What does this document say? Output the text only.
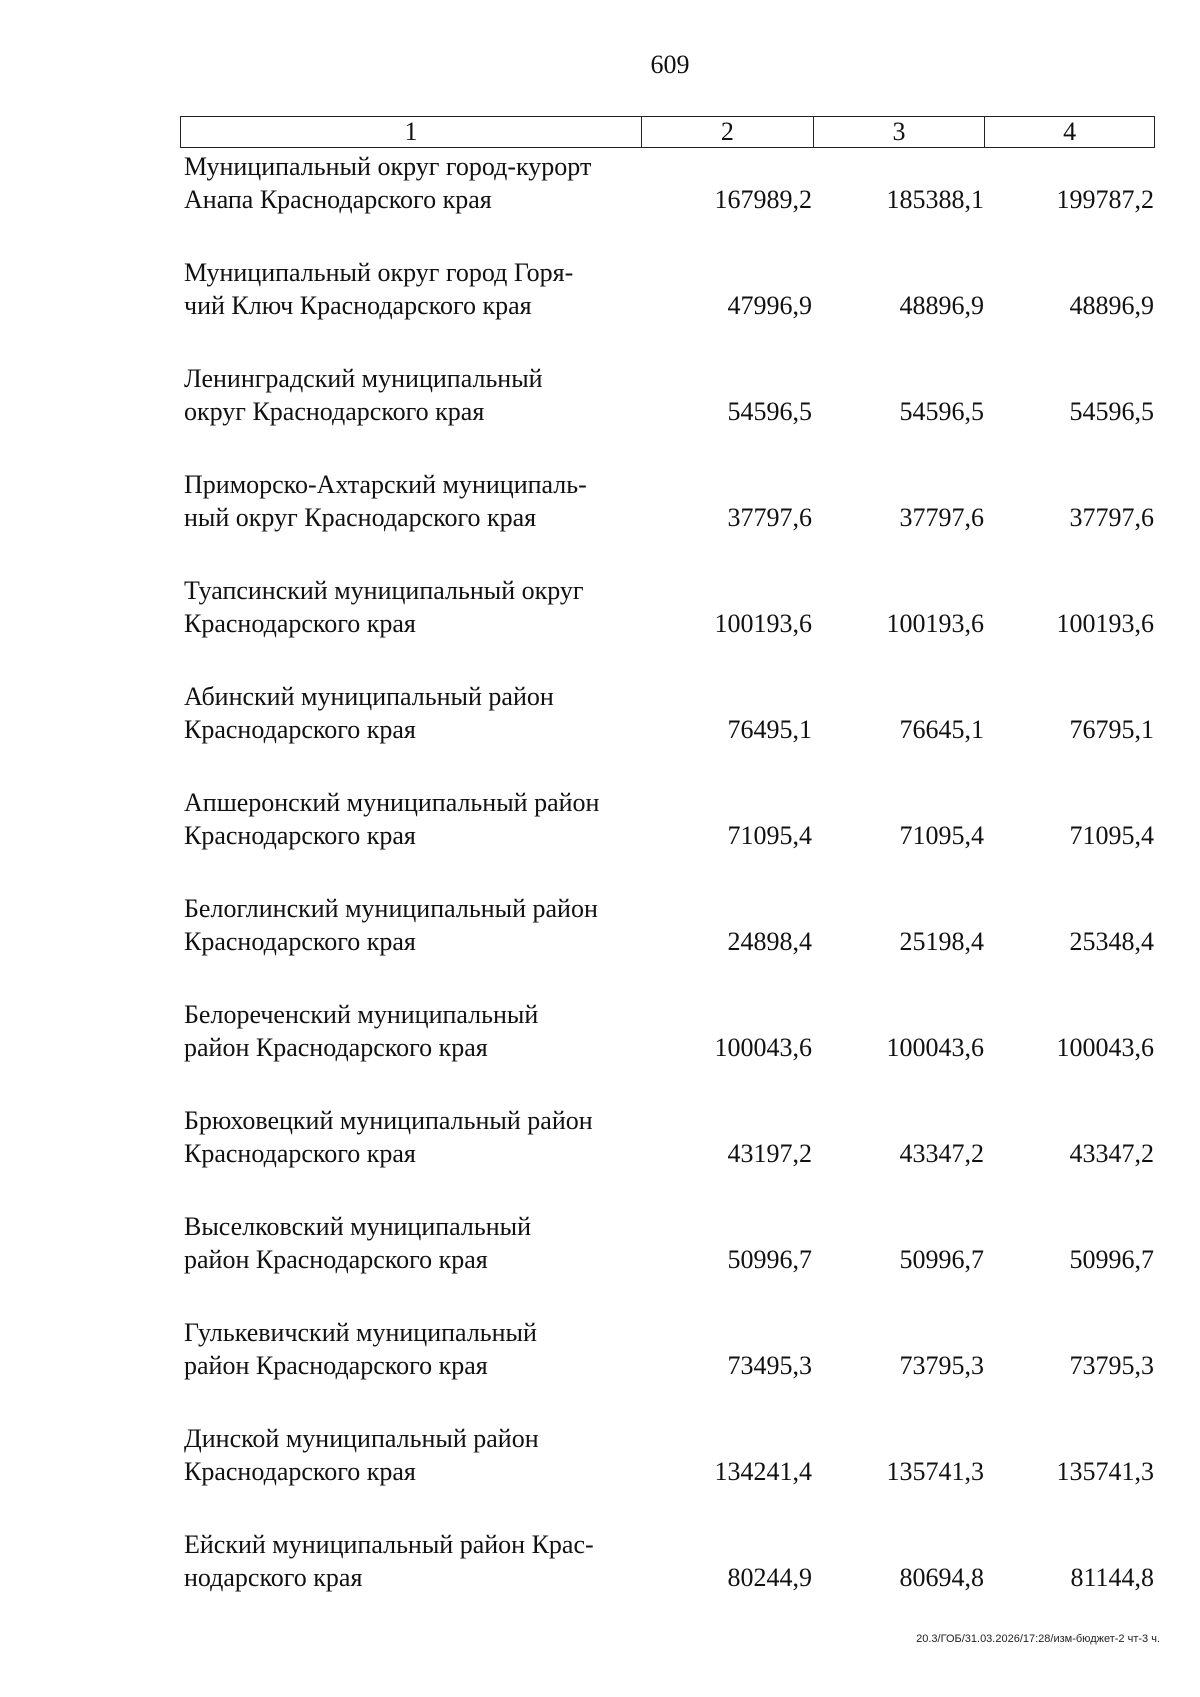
609
1	2	3	4
Муниципальный округ город-курорт
Анапа Краснодарского края	167989,2	185388,1	199787,2
Муниципальный округ город Горя-
чий Ключ Краснодарского края	47996,9	48896,9	48896,9
Ленинградский муниципальный
округ Краснодарского края	54596,5	54596,5	54596,5
Приморско-Ахтарский муниципаль-
ный округ Краснодарского края	37797,6	37797,6	37797,6
Туапсинский муниципальный округ
Краснодарского края	100193,6	100193,6	100193,6
Абинский муниципальный район
Краснодарского края	76495,1	76645,1	76795,1
Апшеронский муниципальный район
Краснодарского края	71095,4	71095,4	71095,4
Белоглинский муниципальный район
Краснодарского края	24898,4	25198,4	25348,4
Белореченский муниципальный
район Краснодарского края	100043,6	100043,6	100043,6
Брюховецкий муниципальный район
Краснодарского края	43197,2	43347,2	43347,2
Выселковский муниципальный
район Краснодарского края	50996,7	50996,7	50996,7
Гулькевичский муниципальный
район Краснодарского края	73495,3	73795,3	73795,3
Динской муниципальный район
Краснодарского края	134241,4	135741,3	135741,3
Ейский муниципальный район Крас-
нодарского края	80244,9	80694,8	81144,8
20.3/ГОБ/31.03.2026/17:28/изм-бюджет-2 чт-3 ч.
